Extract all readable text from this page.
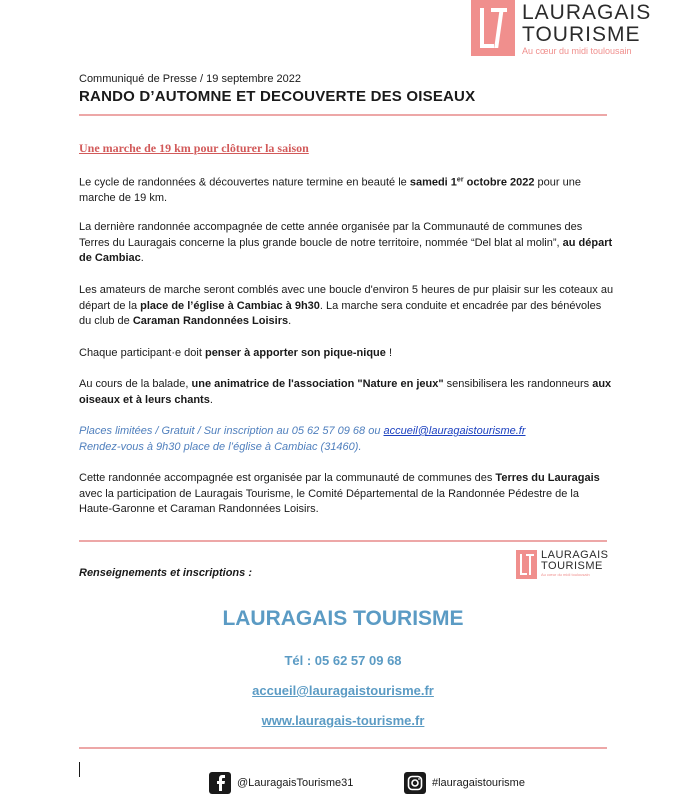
LAURAGAIS
TOURISME
Au cœur du midi toulousain
Communiqué de Presse / 19 septembre 2022
RANDO D’AUTOMNE ET DECOUVERTE DES OISEAUX
Une marche de 19 km pour clôturer la saison
Le cycle de randonnées & découvertes nature termine en beauté le samedi 1er octobre 2022 pour une marche de 19 km.
La dernière randonnée accompagnée de cette année organisée par la Communauté de communes des Terres du Lauragais concerne la plus grande boucle de notre territoire, nommée “Del blat al molin”, au départ de Cambiac.
Les amateurs de marche seront comblés avec une boucle d'environ 5 heures de pur plaisir sur les coteaux au départ de la place de l’église à Cambiac à 9h30. La marche sera conduite et encadrée par des bénévoles du club de Caraman Randonnées Loisirs.
Chaque participant·e doit penser à apporter son pique-nique !
Au cours de la balade, une animatrice de l'association "Nature en jeux" sensibilisera les randonneurs aux oiseaux et à leurs chants.
Places limitées / Gratuit / Sur inscription au 05 62 57 09 68 ou accueil@lauragaistourisme.fr
Rendez-vous à 9h30 place de l’église à Cambiac (31460).
Cette randonnée accompagnée est organisée par la communauté de communes des Terres du Lauragais avec la participation de Lauragais Tourisme, le Comité Départemental de la Randonnée Pédestre de la Haute-Garonne et Caraman Randonnées Loisirs.
LAURAGAIS
TOURISME
Au cœur du midi toulousain
Renseignements et inscriptions :
LAURAGAIS TOURISME
Tél : 05 62 57 09 68
accueil@lauragaistourisme.fr
www.lauragais-tourisme.fr
@LauragaisTourisme31	#lauragaistourisme
